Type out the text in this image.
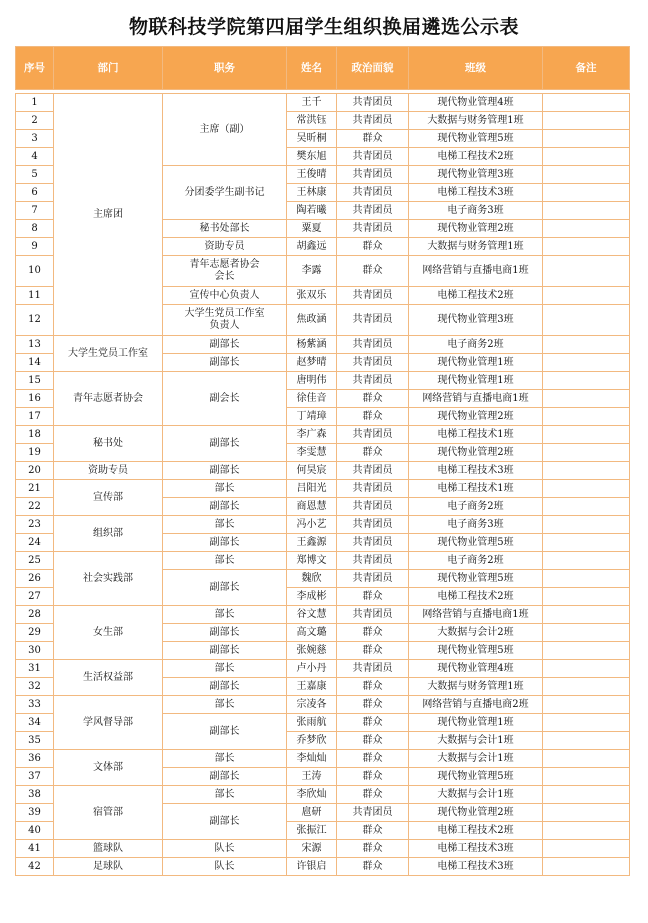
物联科技学院第四届学生组织换届遴选公示表
序号	部门	职务	姓名	政治面貌	班级	备注

1	主席团	主席（副）	王千	共青团员	现代物业管理4班	

2			常洪钰	共青团员	大数据与财务管理1班	

3			吴昕桐	群众	现代物业管理5班	

4			樊东旭	共青团员	电梯工程技术2班	

5		分团委学生副书记	王俊晴	共青团员	现代物业管理3班	

6			王林康	共青团员	电梯工程技术3班	

7			陶若曦	共青团员	电子商务3班	

8		秘书处部长	粟夏	共青团员	现代物业管理2班	

9		资助专员	胡鑫远	群众	大数据与财务管理1班	

10		青年志愿者协会
会长	李露	群众	网络营销与直播电商1班	

11		宣传中心负责人	张双乐	共青团员	电梯工程技术2班	

12		大学生党员工作室
负责人	焦政涵	共青团员	现代物业管理3班	

13	大学生党员工作室	副部长	杨紫涵	共青团员	电子商务2班	

14		副部长	赵梦晴	共青团员	现代物业管理1班	

15	青年志愿者协会	副会长	唐明伟	共青团员	现代物业管理1班	

16			徐佳音	群众	网络营销与直播电商1班	

17			丁靖璋	群众	现代物业管理2班	

18	秘书处	副部长	李广森	共青团员	电梯工程技术1班	

19			李雯慧	群众	现代物业管理2班	

20	资助专员	副部长	何昊宸	共青团员	电梯工程技术3班	

21	宣传部	部长	吕阳光	共青团员	电梯工程技术1班	

22		副部长	商恩慧	共青团员	电子商务2班	

23	组织部	部长	冯小艺	共青团员	电子商务3班	

24		副部长	王鑫源	共青团员	现代物业管理5班	

25	社会实践部	部长	郑博文	共青团员	电子商务2班	

26		副部长	魏欣	共青团员	现代物业管理5班	

27			李成彬	群众	电梯工程技术2班	

28	女生部	部长	谷文慧	共青团员	网络营销与直播电商1班	

29		副部长	高文璐	群众	大数据与会计2班	

30		副部长	张婉慈	群众	现代物业管理5班	

31	生活权益部	部长	卢小丹	共青团员	现代物业管理4班	

32		副部长	王嘉康	群众	大数据与财务管理1班	

33	学风督导部	部长	宗凌各	群众	网络营销与直播电商2班	

34		副部长	张雨航	群众	现代物业管理1班	

35			乔梦欣	群众	大数据与会计1班	

36	文体部	部长	李灿灿	群众	大数据与会计1班	

37		副部长	王涛	群众	现代物业管理5班	

38	宿管部	部长	李欣灿	群众	大数据与会计1班	

39		副部长	扈研	共青团员	现代物业管理2班	

40			张振江	群众	电梯工程技术2班	

41	篮球队	队长	宋源	群众	电梯工程技术3班	

42	足球队	队长	许银启	群众	电梯工程技术3班	
